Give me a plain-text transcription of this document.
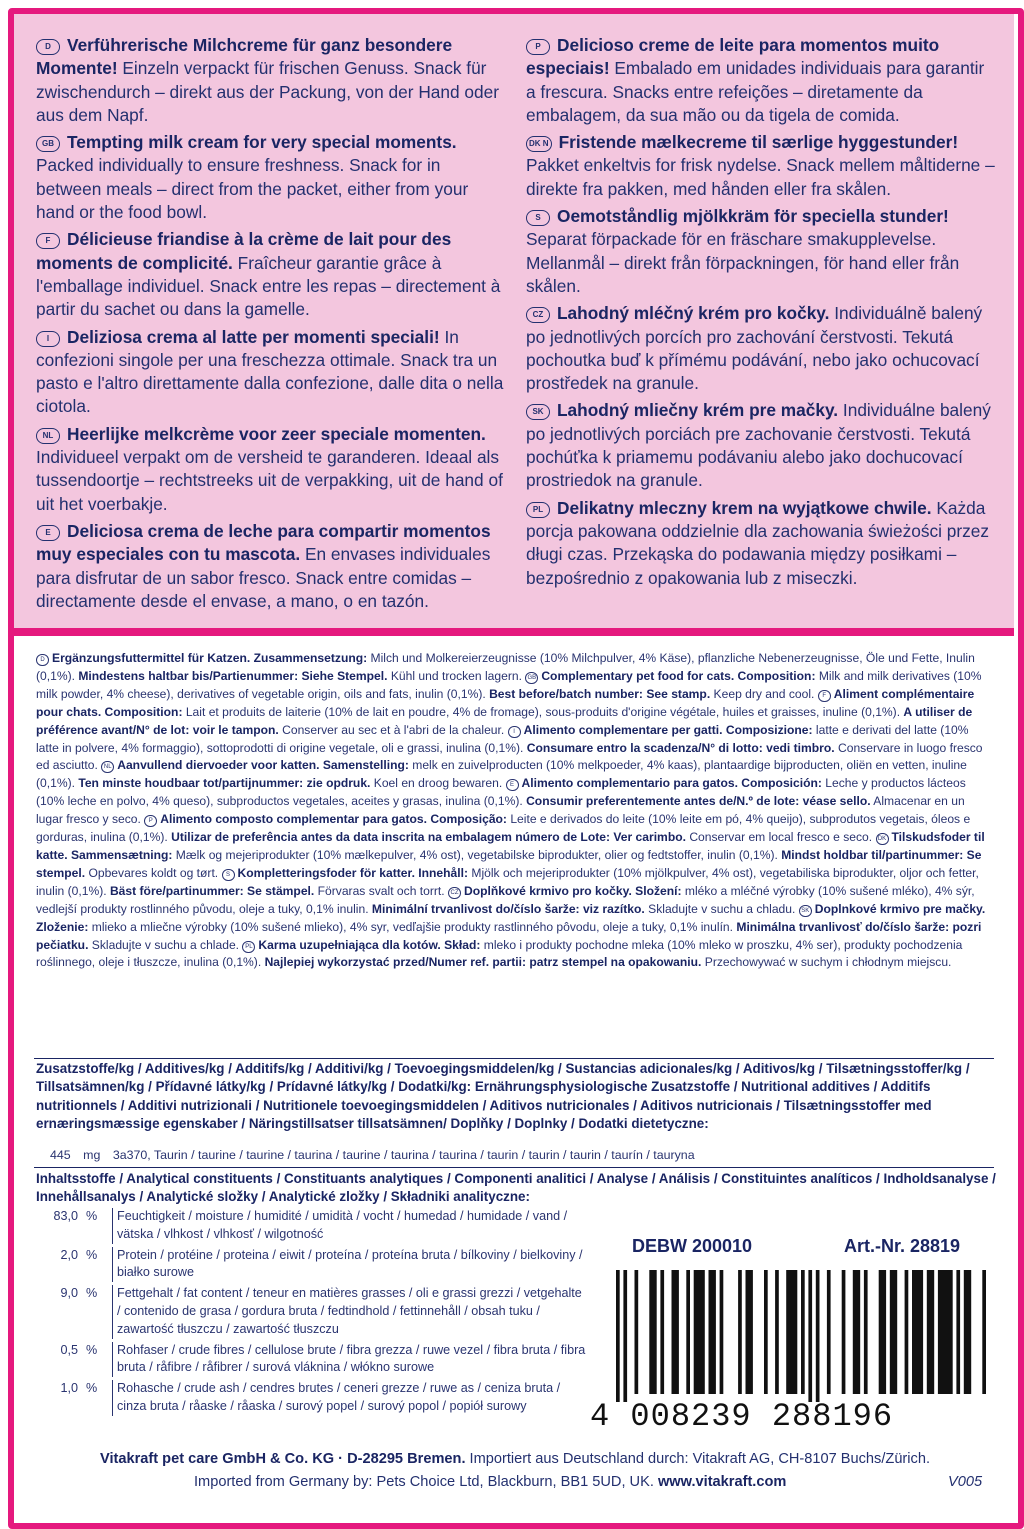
D Verführerische Milchcreme für ganz besondere Momente! Einzeln verpackt für frischen Genuss. Snack für zwischendurch – direkt aus der Packung, von der Hand oder aus dem Napf.

GB Tempting milk cream for very special moments. Packed individually to ensure freshness. Snack for in between meals – direct from the packet, either from your hand or the food bowl.

F Délicieuse friandise à la crème de lait pour des moments de complicité. Fraîcheur garantie grâce à l'emballage individuel. Snack entre les repas – directement à partir du sachet ou dans la gamelle.

I Deliziosa crema al latte per momenti speciali! In confezioni singole per una freschezza ottimale. Snack tra un pasto e l'altro direttamente dalla confezione, dalle dita o nella ciotola.

NL Heerlijke melkcrème voor zeer speciale momenten. Individueel verpakt om de versheid te garanderen. Ideaal als tussendoortje – rechtstreeks uit de verpakking, uit de hand of uit het voerbakje.

E Deliciosa crema de leche para compartir momentos muy especiales con tu mascota. En envases individuales para disfrutar de un sabor fresco. Snack entre comidas – directamente desde el envase, a mano, o en tazón.

P Delicioso creme de leite para momentos muito especiais! Embalado em unidades individuais para garantir a frescura. Snacks entre refeições – diretamente da embalagem, da sua mão ou da tigela de comida.

DK N Fristende mælkecreme til særlige hyggestunder! Pakket enkeltvis for frisk nydelse. Snack mellem måltiderne – direkte fra pakken, med hånden eller fra skålen.

S Oemotståndlig mjölkkräm för speciella stunder! Separat förpackade för en fräschare smakupplevelse. Mellanmål – direkt från förpackningen, för hand eller från skålen.

CZ Lahodný mléčný krém pro kočky. Individuálně balený po jednotlivých porcích pro zachování čerstvosti. Tekutá pochoutka buď k přímému podávání, nebo jako ochucovací prostředek na granule.

SK Lahodný mliečny krém pre mačky. Individuálne balený po jednotlivých porciách pre zachovanie čerstvosti. Tekutá pochúťka k priamemu podávaniu alebo jako dochucovací prostriedok na granule.

PL Delikatny mleczny krem na wyjątkowe chwile. Każda porcja pakowana oddzielnie dla zachowania świeżości przez długi czas. Przekąska do podawania między posiłkami – bezpośrednio z opakowania lub z miseczki.

D Ergänzungsfuttermittel für Katzen. Zusammensetzung: Milch und Molkereierzeugnisse (10% Milchpulver, 4% Käse), pflanzliche Nebenerzeugnisse, Öle und Fette, Inulin (0,1%). Mindestens haltbar bis/Partienummer: Siehe Stempel. Kühl und trocken lagern. GB Complementary pet food for cats. Composition: Milk and milk derivatives (10% milk powder, 4% cheese), derivatives of vegetable origin, oils and fats, inulin (0,1%). Best before/batch number: See stamp. Keep dry and cool. F Aliment complémentaire pour chats. Composition: Lait et produits de laiterie (10% de lait en poudre, 4% de fromage), sous-produits d'origine végétale, huiles et graisses, inuline (0,1%). A utiliser de préférence avant/N° de lot: voir le tampon. Conserver au sec et à l'abri de la chaleur. I Alimento complementare per gatti. Composizione: latte e derivati del latte (10% latte in polvere, 4% formaggio), sottoprodotti di origine vegetale, oli e grassi, inulina (0,1%). Consumare entro la scadenza/N° di lotto: vedi timbro. Conservare in luogo fresco ed asciutto. NL Aanvullend diervoeder voor katten. Samenstelling: melk en zuivelproducten (10% melkpoeder, 4% kaas), plantaardige bijproducten, oliën en vetten, inuline (0,1%). Ten minste houdbaar tot/partijnummer: zie opdruk. Koel en droog bewaren. E Alimento complementario para gatos. Composición: Leche y productos lácteos (10% leche en polvo, 4% queso), subproductos vegetales, aceites y grasas, inulina (0,1%). Consumir preferentemente antes de/N.º de lote: véase sello. Almacenar en un lugar fresco y seco. P Alimento composto complementar para gatos. Composição: Leite e derivados do leite (10% leite em pó, 4% queijo), subprodutos vegetais, óleos e gorduras, inulina (0,1%). Utilizar de preferência antes da data inscrita na embalagem número de Lote: Ver carimbo. Conservar em local fresco e seco. DK Tilskudsfoder til katte. Sammensætning: Mælk og mejeriprodukter (10% mælkepulver, 4% ost), vegetabilske biprodukter, olier og fedtstoffer, inulin (0,1%). Mindst holdbar til/partinummer: Se stempel. Opbevares koldt og tørt. S Kompletteringsfoder för katter. Innehåll: Mjölk och mejeriprodukter (10% mjölkpulver, 4% ost), vegetabiliska biprodukter, oljor och fetter, inulin (0,1%). Bäst före/partinummer: Se stämpel. Förvaras svalt och torrt. CZ Doplňkové krmivo pro kočky. Složení: mléko a mléčné výrobky (10% sušené mléko), 4% sýr, vedlejší produkty rostlinného původu, oleje a tuky, 0,1% inulin. Minimální trvanlivost do/číslo šarže: viz razítko. Skladujte v suchu a chladu. SK Doplnkové krmivo pre mačky. Zloženie: mlieko a mliečne výrobky (10% sušené mlieko), 4% syr, vedľajšie produkty rastlinného pôvodu, oleje a tuky, 0,1% inulín. Minimálna trvanlivosť do/číslo šarže: pozri pečiatku. Skladujte v suchu a chlade. PL Karma uzupełniająca dla kotów. Skład: mleko i produkty pochodne mleka (10% mleko w proszku, 4% ser), produkty pochodzenia roślinnego, oleje i tłuszcze, inulina (0,1%). Najlepiej wykorzystać przed/Numer ref. partii: patrz stempel na opakowaniu. Przechowywać w suchym i chłodnym miejscu.
Zusatzstoffe/kg / Additives/kg / Additifs/kg / Additivi/kg / Toevoegingsmiddelen/kg / Sustancias adicionales/kg / Aditivos/kg / Tilsætningsstoffer/kg / Tillsatsämnen/kg / Přídavné látky/kg / Prídavné látky/kg / Dodatki/kg: Ernährungsphysiologische Zusatzstoffe / Nutritional additives / Additifs nutritionnels / Additivi nutrizionali / Nutritionele toevoegingsmiddelen / Aditivos nutricionales / Aditivos nutricionais / Tilsætningsstoffer med ernæringsmæssige egenskaber / Näringstillsatser tillsatsämnen/ Doplňky / Doplnky / Dodatki dietetyczne:
445 mg 3a370, Taurin / taurine / taurine / taurina / taurine / taurina / taurina / taurin / taurin / taurin / taurín / tauryna
Inhaltsstoffe / Analytical constituents / Constituants analytiques / Componenti analitici / Analyse / Análisis / Constituintes analíticos / Indholdsanalyse / Innehållsanalys / Analytické složky / Analytické zložky / Składniki analityczne:
83,0 %	Feuchtigkeit / moisture / humidité / umidità / vocht / humedad / humidade / vand / vätska / vlhkost / vlhkosť / wilgotność
2,0 %	Protein / protéine / proteina / eiwit / proteína / proteína bruta / bílkoviny / bielkoviny / białko surowe
9,0 %	Fettgehalt / fat content / teneur en matières grasses / oli e grassi grezzi / vetgehalte / contenido de grasa / gordura bruta / fedtindhold / fettinnehåll / obsah tuku / zawartość tłuszczu / zawartość tłuszczu
0,5 %	Rohfaser / crude fibres / cellulose brute / fibra grezza / ruwe vezel / fibra bruta / fibra bruta / råfibre / råfibrer / surová vláknina / włókno surowe
1,0 %	Rohasche / crude ash / cendres brutes / ceneri grezze / ruwe as / ceniza bruta / cinza bruta / råaske / råaska / surový popel / surový popol / popiół surowy
DEBW 200010	Art.-Nr. 28819
4 008239 288196
Vitakraft pet care GmbH & Co. KG · D-28295 Bremen. Importiert aus Deutschland durch: Vitakraft AG, CH-8107 Buchs/Zürich.
Imported from Germany by: Pets Choice Ltd, Blackburn, BB1 5UD, UK. www.vitakraft.com	V005
